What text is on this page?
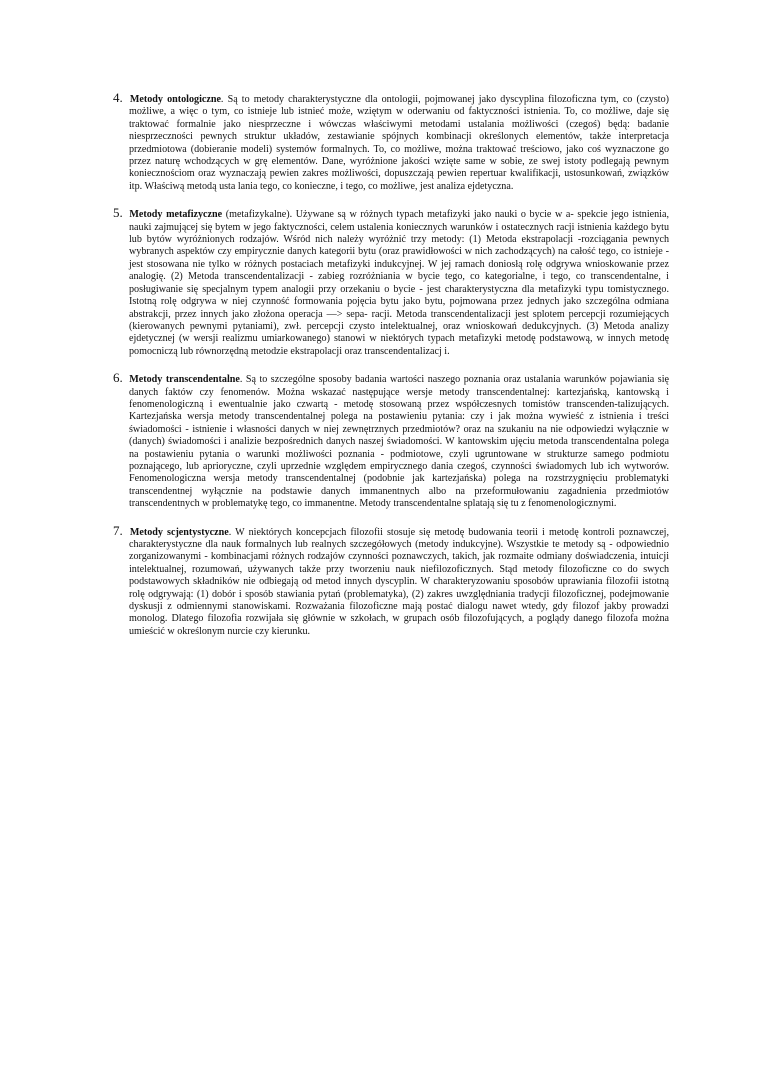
4. Metody ontologiczne. Są to metody charakterystyczne dla ontologii, pojmowanej jako dyscyplina filozoficzna tym, co (czysto) możliwe, a więc o tym, co istnieje lub istnieć może, wziętym w oderwaniu od faktyczności istnienia. To, co możliwe, daje się traktować formalnie jako niesprzeczne i wówczas właściwymi metodami ustalania możliwości (czegoś) będą: badanie niesprzeczności pewnych struktur układów, zestawianie spójnych kombinacji określonych elementów, także interpretacja przedmiotowa (dobieranie modeli) systemów formalnych. To, co możliwe, można traktować treściowo, jako coś wyznaczone go przez naturę wchodzących w grę elementów. Dane, wyróżnione jakości wzięte same w sobie, ze swej istoty podlegają pewnym koniecznościom oraz wyznaczają pewien zakres możliwości, dopuszczają pewien repertuar kwalifikacji, ustosunkowań, związków itp. Właściwą metodą usta lania tego, co konieczne, i tego, co możliwe, jest analiza ejdetyczna.

5. Metody metafizyczne (metafizykalne). Używane są w różnych typach metafizyki jako nauki o bycie w a- spekcie jego istnienia, nauki zajmującej się bytem w jego faktyczności, celem ustalenia koniecznych warunków i ostatecznych racji istnienia każdego bytu lub bytów wyróżnionych rodzajów. Wśród nich należy wyróżnić trzy metody: (1) Metoda ekstrapolacji -rozciągania pewnych wybranych aspektów czy empirycznie danych kategorii bytu (oraz prawidłowości w nich zachodzących) na całość tego, co istnieje - jest stosowana nie tylko w różnych postaciach metafizyki indukcyjnej. W jej ramach doniosłą rolę odgrywa wnioskowanie przez analogię. (2) Metoda transcendentalizacji - zabieg rozróżniania w bycie tego, co kategorialne, i tego, co transcendentalne, i posługiwanie się specjalnym typem analogii przy orzekaniu o bycie - jest charakterystyczna dla metafizyki typu tomistycznego. Istotną rolę odgrywa w niej czynność formowania pojęcia bytu jako bytu, pojmowana przez jednych jako szczególna odmiana abstrakcji, przez innych jako złożona operacja —> sepa- racji. Metoda transcendentalizacji jest splotem percepcji rozumiejących (kierowanych pewnymi pytaniami), zwł. percepcji czysto intelektualnej, oraz wnioskowań dedukcyjnych. (3) Metoda analizy ejdetycznej (w wersji realizmu umiarkowanego) stanowi w niektórych typach metafizyki metodę podstawową, w innych metodę pomocniczą lub równorzędną metodzie ekstrapolacji oraz transcendentalizacj i.

6. Metody transcendentalne. Są to szczególne sposoby badania wartości naszego poznania oraz ustalania warunków pojawiania się danych faktów czy fenomenów. Można wskazać następujące wersje metody transcendentalnej: kartezjańską, kantowską i fenomenologiczną i ewentualnie jako czwartą - metodę stosowaną przez współczesnych tomistów transcenden-talizujących. Kartezjańska wersja metody transcendentalnej polega na postawieniu pytania: czy i jak można wywieść z istnienia i treści świadomości - istnienie i własności danych w niej zewnętrznych przedmiotów? oraz na szukaniu na nie odpowiedzi wyłącznie w (danych) świadomości i analizie bezpośrednich danych naszej świadomości. W kantowskim ujęciu metoda transcendentalna polega na postawieniu pytania o warunki możliwości poznania - podmiotowe, czyli ugruntowane w strukturze samego podmiotu poznającego, lub aprioryczne, czyli uprzednie względem empirycznego dania czegoś, czynności świadomych lub ich wytworów. Fenomenologiczna wersja metody transcendentalnej (podobnie jak kartezjańska) polega na rozstrzygnięciu problematyki transcendentnej wyłącznie na podstawie danych immanentnych albo na przeformułowaniu zagadnienia przedmiotów transcendentnych w problematykę tego, co immanentne. Metody transcendentalne splatają się tu z fenomenologicznymi.

7. Metody scjentystyczne. W niektórych koncepcjach filozofii stosuje się metodę budowania teorii i metodę kontroli poznawczej, charakterystyczne dla nauk formalnych lub realnych szczegółowych (metody indukcyjne). Wszystkie te metody są - odpowiednio zorganizowanymi - kombinacjami różnych rodzajów czynności poznawczych, takich, jak rozmaite odmiany doświadczenia, intuicji intelektualnej, rozumowań, używanych także przy tworzeniu nauk niefilozoficznych. Stąd metody filozoficzne co do swych podstawowych składników nie odbiegają od metod innych dyscyplin. W charakteryzowaniu sposobów uprawiania filozofii istotną rolę odgrywają: (1) dobór i sposób stawiania pytań (problematyka), (2) zakres uwzględniania tradycji filozoficznej, podejmowanie dyskusji z odmiennymi stanowiskami. Rozważania filozoficzne mają postać dialogu nawet wtedy, gdy filozof jakby prowadzi monolog. Dlatego filozofia rozwijała się głównie w szkołach, w grupach osób filozofujących, a poglądy danego filozofa można umieścić w określonym nurcie czy kierunku.
